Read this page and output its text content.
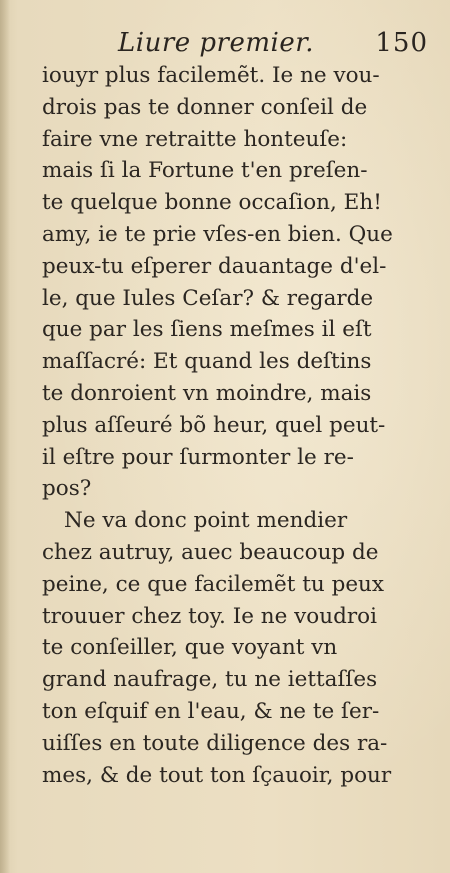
Liure premier. 150
iouyr plus facilemẽt. Ie ne vou-
drois pas te donner conſeil de
faire vne retraitte honteuſe:
mais ſi la Fortune t'en preſen-
te quelque bonne occaſion, Eh!
amy, ie te prie vſes-en bien. Que
peux-tu eſperer dauantage d'el-
le, que Iules Ceſar? & regarde
que par les ſiens meſmes il eſt
maſſacré: Et quand les deſtins
te donroient vn moindre, mais
plus aſſeuré bõ heur, quel peut-
il eſtre pour ſurmonter le re-
pos?
Ne va donc point mendier
chez autruy, auec beaucoup de
peine, ce que facilemẽt tu peux
trouuer chez toy. Ie ne voudroi
te conſeiller, que voyant vn
grand naufrage, tu ne iettaſſes
ton eſquif en l'eau, & ne te ſer-
uiſſes en toute diligence des ra-
mes, & de tout ton ſçauoir, pour
